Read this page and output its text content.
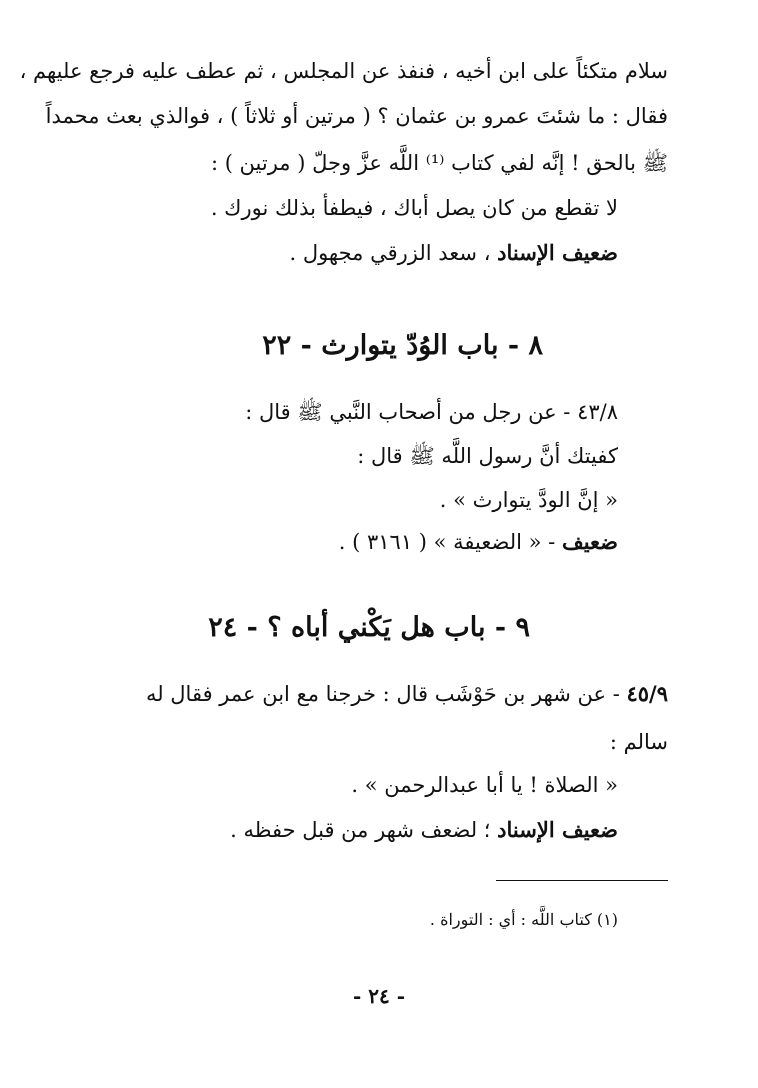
سلام متكئاً على ابن أخيه ، فنفذ عن المجلس ، ثم عطف عليه فرجع عليهم ،
فقال : ما شئتَ عمرو بن عثمان ؟ ( مرتين أو ثلاثاً ) ، فوالذي بعث محمداً
ﷺ بالحق ! إنَّه لفي كتاب ⁽¹⁾ اللَّه عزَّ وجلّ ( مرتين ) :
لا تقطع من كان يصل أباك ، فيطفأ بذلك نورك .
ضعيف الإسناد ، سعد الزرقي مجهول .
٨ - باب الوُدّ يتوارث - ٢٢
٤٣/٨ - عن رجل من أصحاب النَّبي ﷺ قال :
كفيتك أنَّ رسول اللَّه ﷺ قال :
« إنَّ الودَّ يتوارث » .
ضعيف - « الضعيفة » ( ٣١٦١ ) .
٩ - باب هل يَكْني أباه ؟ - ٢٤
٤٥/٩ - عن شهر بن حَوْشَب قال : خرجنا مع ابن عمر فقال له
سالم :
« الصلاة ! يا أبا عبدالرحمن » .
ضعيف الإسناد ؛ لضعف شهر من قبل حفظه .
(١) كتاب اللَّه : أي : التوراة .
- ٢٤ -
